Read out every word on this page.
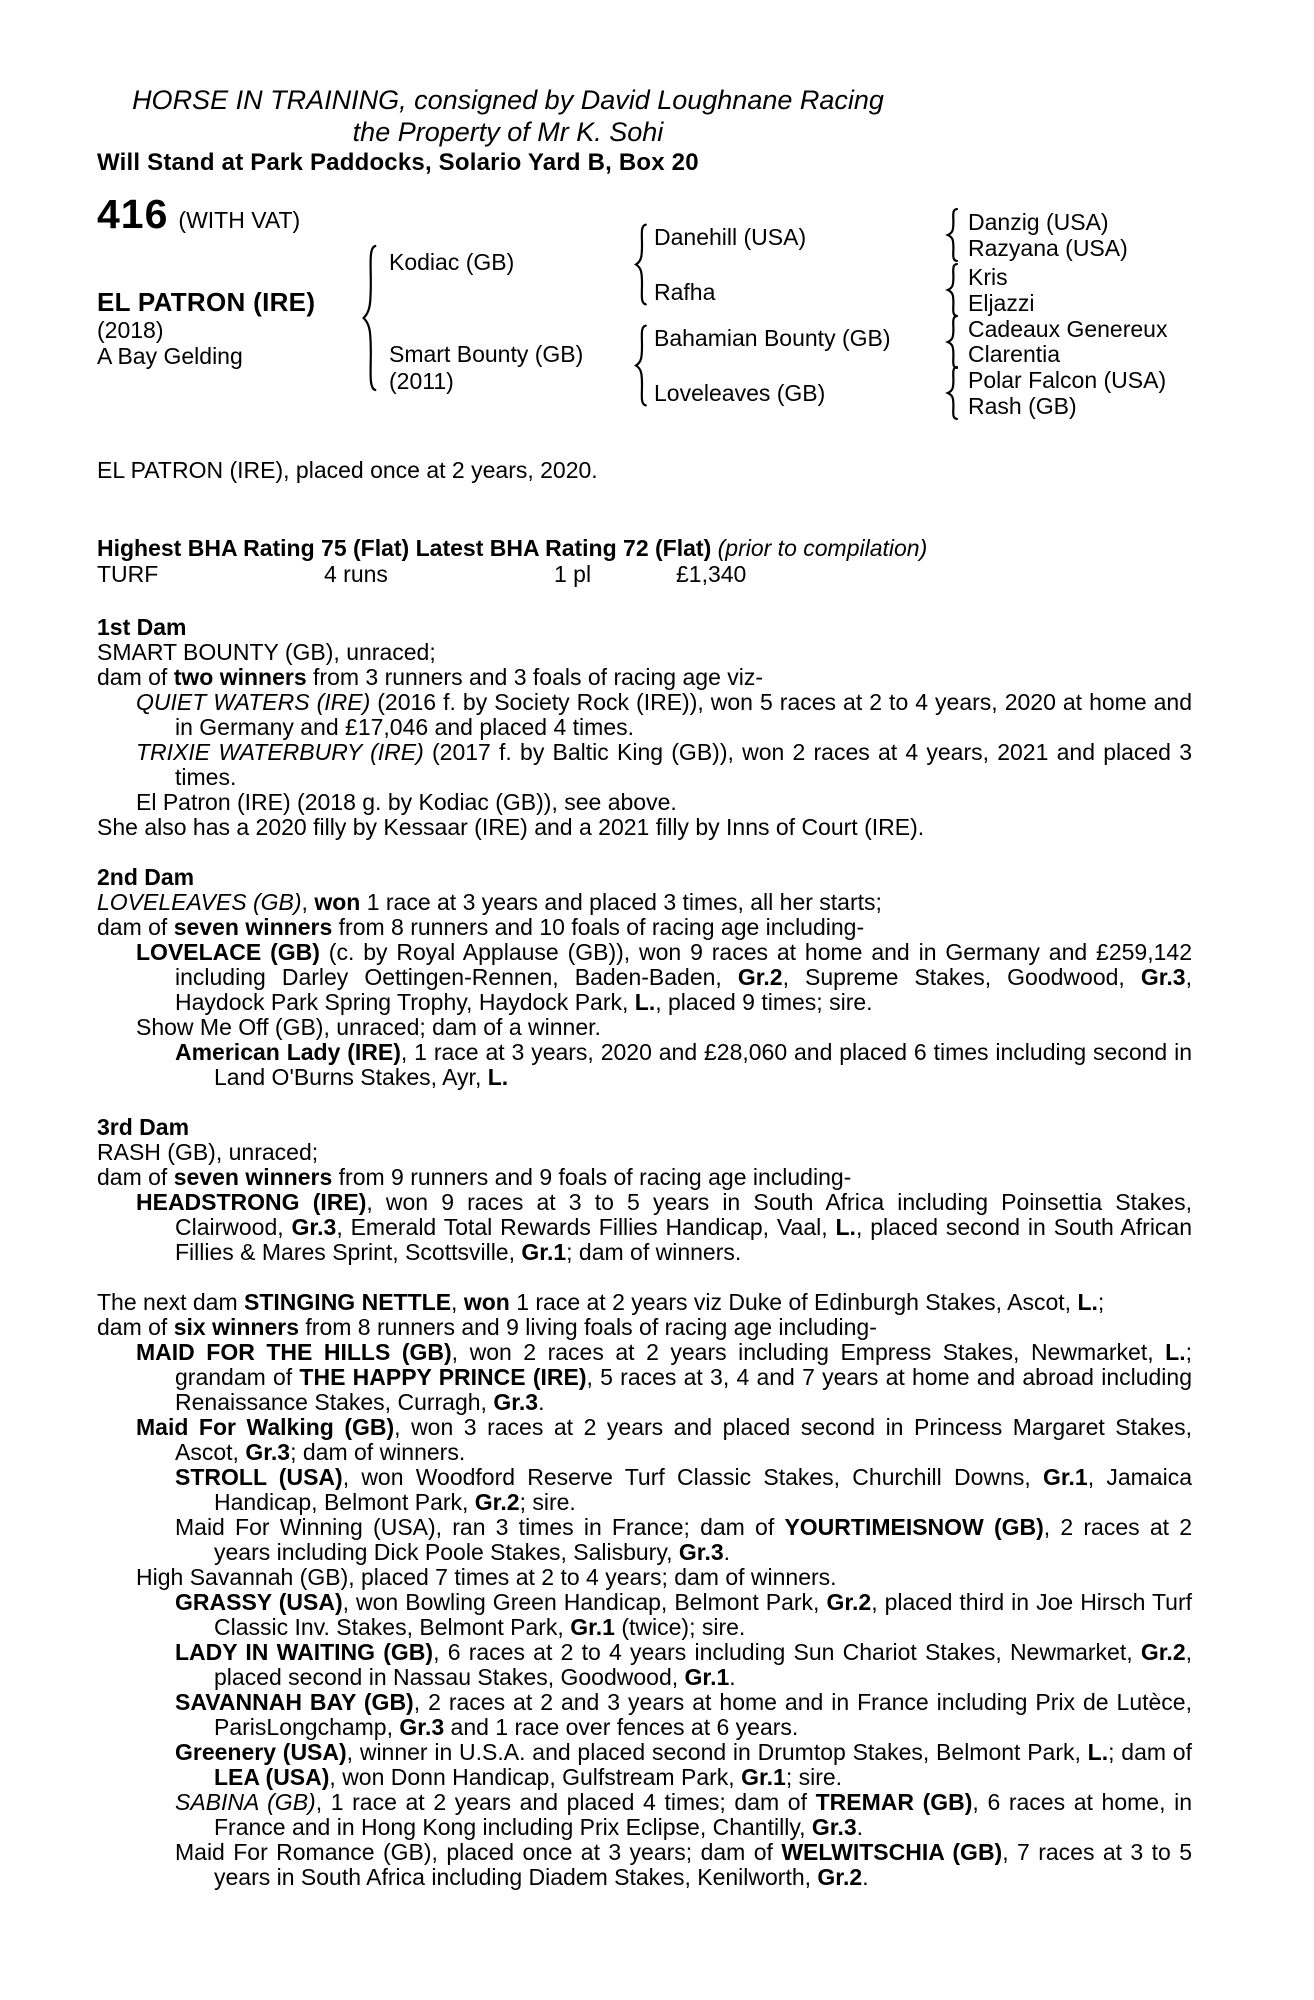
HORSE IN TRAINING, consigned by David Loughnane Racing
the Property of Mr K. Sohi
Will Stand at Park Paddocks, Solario Yard B, Box 20
416 (WITH VAT)
EL PATRON (IRE)
(2018)
A Bay Gelding
Kodiac (GB)
Smart Bounty (GB)
(2011)
Danehill (USA)
Rafha
Bahamian Bounty (GB)
Loveleaves (GB)
Danzig (USA)
Razyana (USA)
Kris
Eljazzi
Cadeaux Genereux
Clarentia
Polar Falcon (USA)
Rash (GB)

EL PATRON (IRE), placed once at 2 years, 2020.

Highest BHA Rating 75 (Flat) Latest BHA Rating 72 (Flat) (prior to compilation)

TURF	4 runs	1 pl	£1,340

1st Dam

SMART BOUNTY (GB), unraced;

dam of two winners from 3 runners and 3 foals of racing age viz-

QUIET WATERS (IRE) (2016 f. by Society Rock (IRE)), won 5 races at 2 to 4 years, 2020 at home and in Germany and £17,046 and placed 4 times.

TRIXIE WATERBURY (IRE) (2017 f. by Baltic King (GB)), won 2 races at 4 years, 2021 and placed 3 times.

El Patron (IRE) (2018 g. by Kodiac (GB)), see above.

She also has a 2020 filly by Kessaar (IRE) and a 2021 filly by Inns of Court (IRE).

2nd Dam

LOVELEAVES (GB), won 1 race at 3 years and placed 3 times, all her starts;

dam of seven winners from 8 runners and 10 foals of racing age including-

LOVELACE (GB) (c. by Royal Applause (GB)), won 9 races at home and in Germany and £259,142 including Darley Oettingen-Rennen, Baden-Baden, Gr.2, Supreme Stakes, Goodwood, Gr.3, Haydock Park Spring Trophy, Haydock Park, L., placed 9 times; sire.

Show Me Off (GB), unraced; dam of a winner.

American Lady (IRE), 1 race at 3 years, 2020 and £28,060 and placed 6 times including second in Land O'Burns Stakes, Ayr, L.

3rd Dam

RASH (GB), unraced;

dam of seven winners from 9 runners and 9 foals of racing age including-

HEADSTRONG (IRE), won 9 races at 3 to 5 years in South Africa including Poinsettia Stakes, Clairwood, Gr.3, Emerald Total Rewards Fillies Handicap, Vaal, L., placed second in South African Fillies & Mares Sprint, Scottsville, Gr.1; dam of winners.

The next dam STINGING NETTLE, won 1 race at 2 years viz Duke of Edinburgh Stakes, Ascot, L.;

dam of six winners from 8 runners and 9 living foals of racing age including-

MAID FOR THE HILLS (GB), won 2 races at 2 years including Empress Stakes, Newmarket, L.; grandam of THE HAPPY PRINCE (IRE), 5 races at 3, 4 and 7 years at home and abroad including Renaissance Stakes, Curragh, Gr.3.

Maid For Walking (GB), won 3 races at 2 years and placed second in Princess Margaret Stakes, Ascot, Gr.3; dam of winners.

STROLL (USA), won Woodford Reserve Turf Classic Stakes, Churchill Downs, Gr.1, Jamaica Handicap, Belmont Park, Gr.2; sire.

Maid For Winning (USA), ran 3 times in France; dam of YOURTIMEISNOW (GB), 2 races at 2 years including Dick Poole Stakes, Salisbury, Gr.3.

High Savannah (GB), placed 7 times at 2 to 4 years; dam of winners.

GRASSY (USA), won Bowling Green Handicap, Belmont Park, Gr.2, placed third in Joe Hirsch Turf Classic Inv. Stakes, Belmont Park, Gr.1 (twice); sire.

LADY IN WAITING (GB), 6 races at 2 to 4 years including Sun Chariot Stakes, Newmarket, Gr.2, placed second in Nassau Stakes, Goodwood, Gr.1.

SAVANNAH BAY (GB), 2 races at 2 and 3 years at home and in France including Prix de Lutèce, ParisLongchamp, Gr.3 and 1 race over fences at 6 years.

Greenery (USA), winner in U.S.A. and placed second in Drumtop Stakes, Belmont Park, L.; dam of LEA (USA), won Donn Handicap, Gulfstream Park, Gr.1; sire.

SABINA (GB), 1 race at 2 years and placed 4 times; dam of TREMAR (GB), 6 races at home, in France and in Hong Kong including Prix Eclipse, Chantilly, Gr.3.

Maid For Romance (GB), placed once at 3 years; dam of WELWITSCHIA (GB), 7 races at 3 to 5 years in South Africa including Diadem Stakes, Kenilworth, Gr.2.
